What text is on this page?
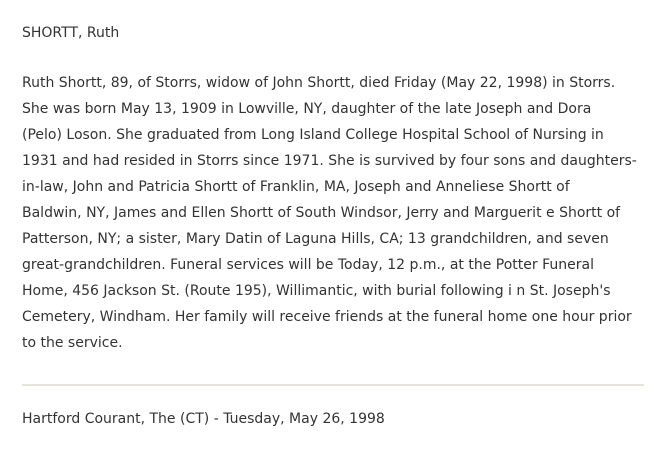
SHORTT, Ruth

Ruth Shortt, 89, of Storrs, widow of John Shortt, died Friday (May 22, 1998) in Storrs.
She was born May 13, 1909 in Lowville, NY, daughter of the late Joseph and Dora
(Pelo) Loson. She graduated from Long Island College Hospital School of Nursing in
1931 and had resided in Storrs since 1971. She is survived by four sons and daughters-
in-law, John and Patricia Shortt of Franklin, MA, Joseph and Anneliese Shortt of
Baldwin, NY, James and Ellen Shortt of South Windsor, Jerry and Marguerit e Shortt of
Patterson, NY; a sister, Mary Datin of Laguna Hills, CA; 13 grandchildren, and seven
great-grandchildren. Funeral services will be Today, 12 p.m., at the Potter Funeral
Home, 456 Jackson St. (Route 195), Willimantic, with burial following i n St. Joseph's
Cemetery, Windham. Her family will receive friends at the funeral home one hour prior
to the service.

Hartford Courant, The (CT) - Tuesday, May 26, 1998
